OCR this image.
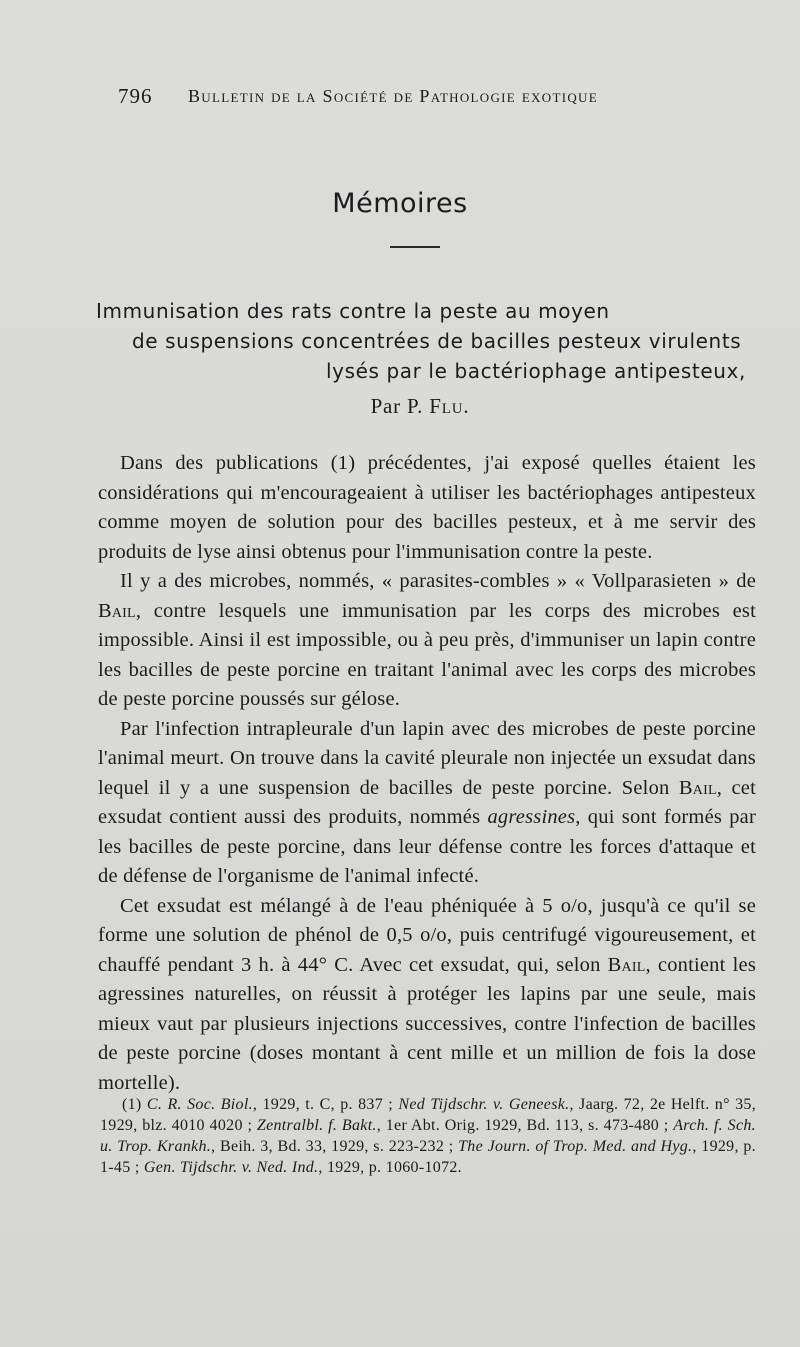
796 Bulletin de la Société de Pathologie exotique
Mémoires
Immunisation des rats contre la peste au moyen
de suspensions concentrées de bacilles pesteux virulents
lysés par le bactériophage antipesteux,
Par P. Flu.

Dans des publications (1) précédentes, j'ai exposé quelles étaient les considérations qui m'encourageaient à utiliser les bactériophages antipesteux comme moyen de solution pour des bacilles pesteux, et à me servir des produits de lyse ainsi obtenus pour l'immunisation contre la peste.

Il y a des microbes, nommés, « parasites-combles » « Vollparasieten » de Bail, contre lesquels une immunisation par les corps des microbes est impossible. Ainsi il est impossible, ou à peu près, d'immuniser un lapin contre les bacilles de peste porcine en traitant l'animal avec les corps des microbes de peste porcine poussés sur gélose.

Par l'infection intrapleurale d'un lapin avec des microbes de peste porcine l'animal meurt. On trouve dans la cavité pleurale non injectée un exsudat dans lequel il y a une suspension de bacilles de peste porcine. Selon Bail, cet exsudat contient aussi des produits, nommés agressines, qui sont formés par les bacilles de peste porcine, dans leur défense contre les forces d'attaque et de défense de l'organisme de l'animal infecté.

Cet exsudat est mélangé à de l'eau phéniquée à 5 o/o, jusqu'à ce qu'il se forme une solution de phénol de 0,5 o/o, puis centrifugé vigoureusement, et chauffé pendant 3 h. à 44° C. Avec cet exsudat, qui, selon Bail, contient les agressines naturelles, on réussit à protéger les lapins par une seule, mais mieux vaut par plusieurs injections successives, contre l'infection de bacilles de peste porcine (doses montant à cent mille et un million de fois la dose mortelle).

(1) C. R. Soc. Biol., 1929, t. C, p. 837 ; Ned Tijdschr. v. Geneesk., Jaarg. 72, 2e Helft. n° 35, 1929, blz. 4010 4020 ; Zentralbl. f. Bakt., 1er Abt. Orig. 1929, Bd. 113, s. 473-480 ; Arch. f. Sch. u. Trop. Krankh., Beih. 3, Bd. 33, 1929, s. 223-232 ; The Journ. of Trop. Med. and Hyg., 1929, p. 1-45 ; Gen. Tijdschr. v. Ned. Ind., 1929, p. 1060-1072.
